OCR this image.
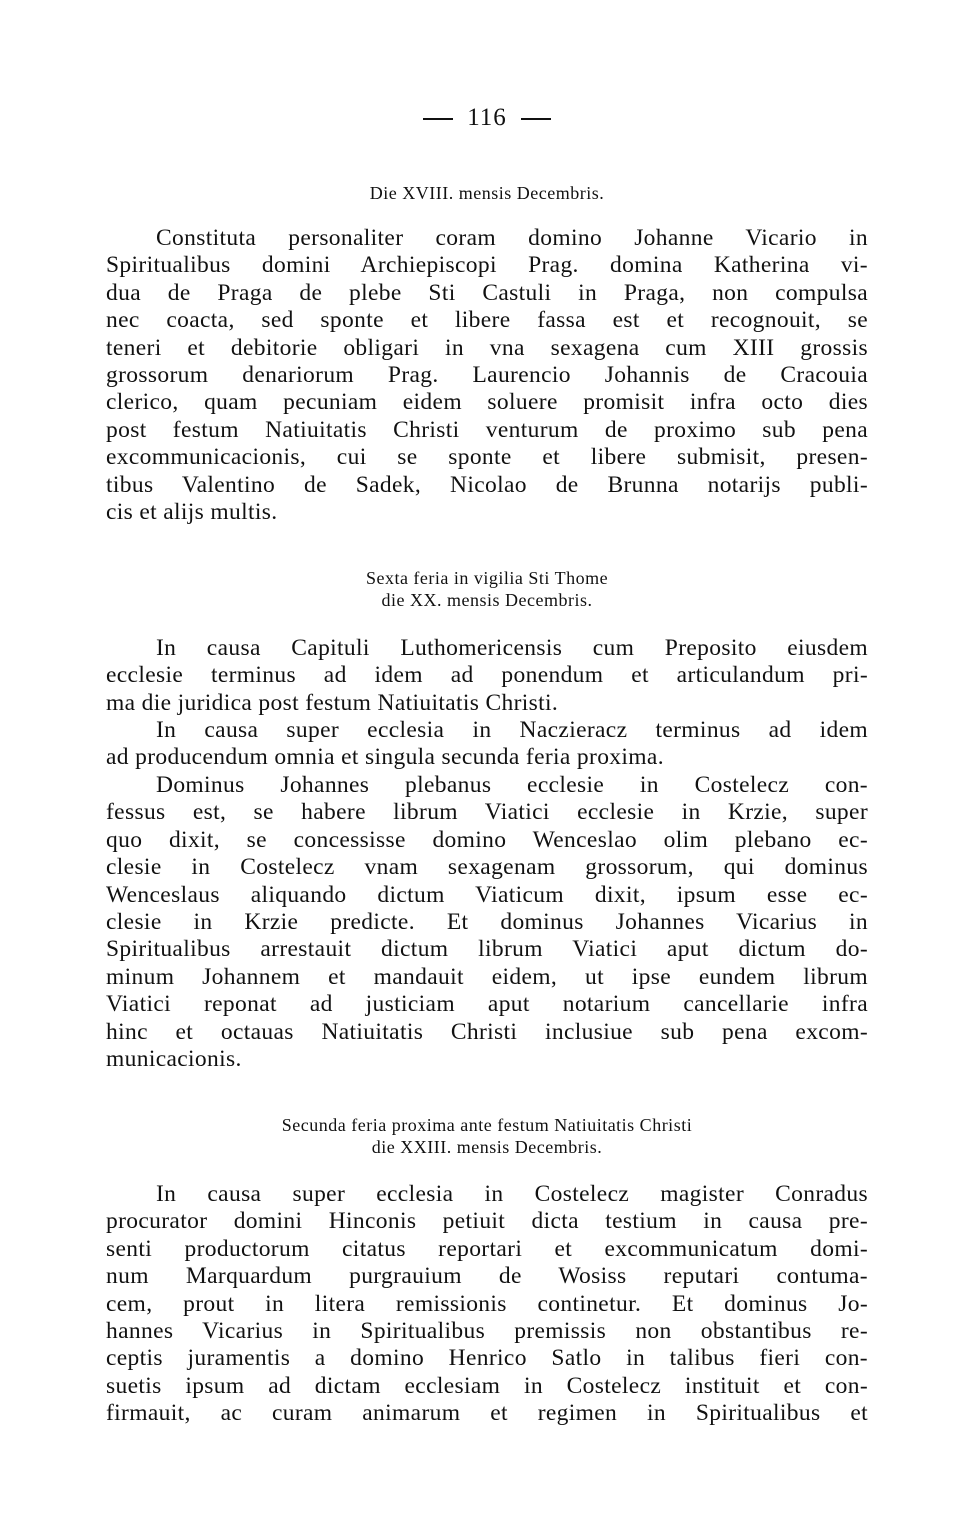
116
Die XVIII. mensis Decembris.
Constituta personaliter coram domino Johanne Vicario in
Spiritualibus domini Archiepiscopi Prag. domina Katherina vi-
dua de Praga de plebe Sti Castuli in Praga, non compulsa
nec coacta, sed sponte et libere fassa est et recognouit, se
teneri et debitorie obligari in vna sexagena cum XIII grossis
grossorum denariorum Prag. Laurencio Johannis de Cracouia
clerico, quam pecuniam eidem soluere promisit infra octo dies
post festum Natiuitatis Christi venturum de proximo sub pena
excommunicacionis, cui se sponte et libere submisit, presen-
tibus Valentino de Sadek, Nicolao de Brunna notarijs publi-
cis et alijs multis.
Sexta feria in vigilia Sti Thome
die XX. mensis Decembris.
In causa Capituli Luthomericensis cum Preposito eiusdem
ecclesie terminus ad idem ad ponendum et articulandum pri-
ma die juridica post festum Natiuitatis Christi.
In causa super ecclesia in Naczieracz terminus ad idem
ad producendum omnia et singula secunda feria proxima.
Dominus Johannes plebanus ecclesie in Costelecz con-
fessus est, se habere librum Viatici ecclesie in Krzie, super
quo dixit, se concessisse domino Wenceslao olim plebano ec-
clesie in Costelecz vnam sexagenam grossorum, qui dominus
Wenceslaus aliquando dictum Viaticum dixit, ipsum esse ec-
clesie in Krzie predicte. Et dominus Johannes Vicarius in
Spiritualibus arrestauit dictum librum Viatici aput dictum do-
minum Johannem et mandauit eidem, ut ipse eundem librum
Viatici reponat ad justiciam aput notarium cancellarie infra
hinc et octauas Natiuitatis Christi inclusiue sub pena excom-
municacionis.
Secunda feria proxima ante festum Natiuitatis Christi
die XXIII. mensis Decembris.
In causa super ecclesia in Costelecz magister Conradus
procurator domini Hinconis petiuit dicta testium in causa pre-
senti productorum citatus reportari et excommunicatum domi-
num Marquardum purgrauium de Wosiss reputari contuma-
cem, prout in litera remissionis continetur. Et dominus Jo-
hannes Vicarius in Spiritualibus premissis non obstantibus re-
ceptis juramentis a domino Henrico Satlo in talibus fieri con-
suetis ipsum ad dictam ecclesiam in Costelecz instituit et con-
firmauit, ac curam animarum et regimen in Spiritualibus et
